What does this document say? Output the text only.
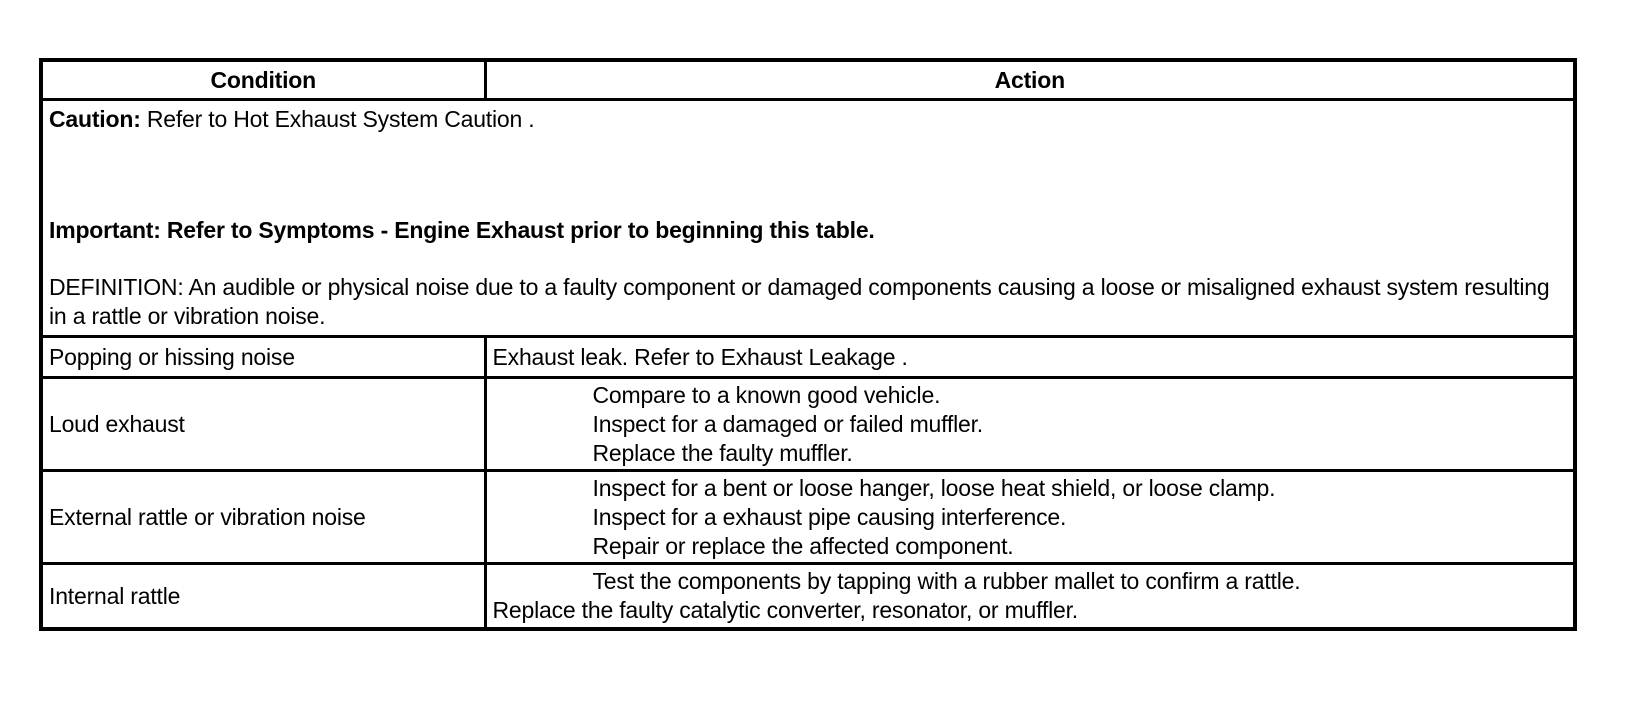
Condition	Action

Caution: Refer to Hot Exhaust System Caution .

Important: Refer to Symptoms - Engine Exhaust prior to beginning this table.

DEFINITION: An audible or physical noise due to a faulty component or damaged components causing a loose or misaligned exhaust system resulting in a rattle or vibration noise.	

Popping or hissing noise	Exhaust leak. Refer to Exhaust Leakage .
Loud exhaust	Compare to a known good vehicle.
Inspect for a damaged or failed muffler.
Replace the faulty muffler.

External rattle or vibration noise	Inspect for a bent or loose hanger, loose heat shield, or loose clamp.
Inspect for a exhaust pipe causing interference.
Repair or replace the affected component.

Internal rattle	Test the components by tapping with a rubber mallet to confirm a rattle.
Replace the faulty catalytic converter, resonator, or muffler.
